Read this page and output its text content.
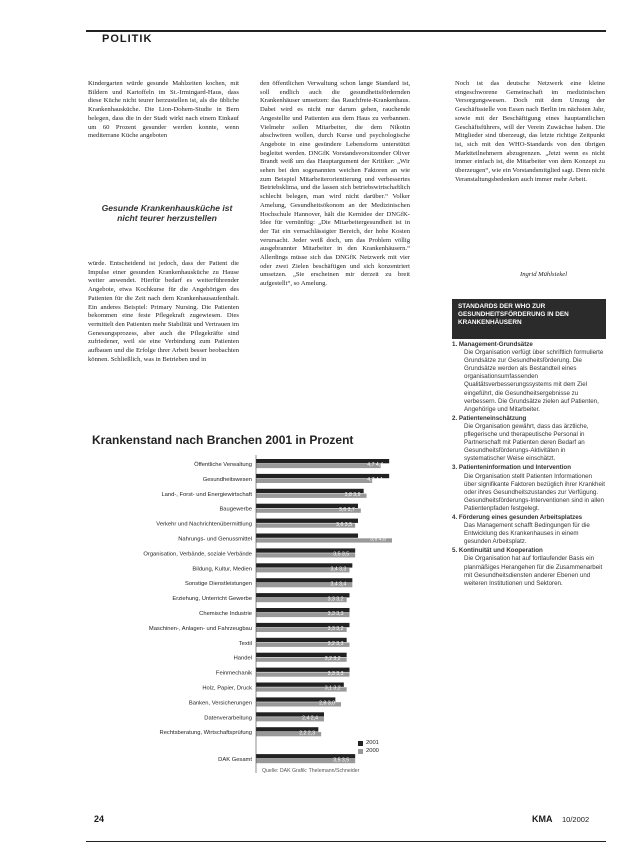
POLITIK

Kindergarten würde gesunde Mahlzeiten kochen, mit Bildern und Kartoffeln im St.-Irmingard-Haus, dass diese Küche nicht teurer herzustellen ist, als die übliche Krankenhausküche. Die Lion-Dohem-Studie in Bern belegen, dass die in der Stadt wirkt nach einem Einkauf um 60 Prozent gesunder werden konnte, wenn mediterrane Küche angeboten

Gesunde Krankenhausküche ist nicht teurer herzustellen

würde. Entscheidend ist jedoch, dass der Patient die Impulse einer gesunden Krankenhausküche zu Hause weiter anwendet. Hierfür bedarf es weiterführender Angebote, etwa Kochkurse für die Angehörigen des Patienten für die Zeit nach dem Krankenhausaufenthalt. Ein anderes Beispiel: Primary Nursing. Die Patienten bekommen eine feste Pflegekraft zugewiesen. Dies vermittelt den Patienten mehr Stabilität und Vertrauen im Genesungsprozess, aber auch die Pflegekräfte sind zufriedener, weil sie eine Verbindung zum Patienten aufbauen und die Erfolge ihrer Arbeit besser beobachten können. Schließlich, was in Betrieben und in

den öffentlichen Verwaltung schon lange Standard ist, soll endlich auch die gesundheitsfördernden Krankenhäuser umsetzen: das Rauchfreie-Krankenhaus. Dabei wird es nicht nur darum gehen, rauchende Angestellte und Patienten aus dem Haus zu verbannen. Vielmehr sollen Mitarbeiter, die dem Nikotin abschwören wollen, durch Kurse und psychologische Angebote in eine gesündere Lebensform unterstützt begleitet werden. DNGfK Vorstandsvorsitzender Oliver Brandt weiß um das Hauptargument der Kritiker: „Wir sehen bei den sogenannten weichen Faktoren an wie zum Beispiel Mitarbeiterorientierung und verbessertes Betriebsklima, und die lassen sich betriebswirtschaftlich schlecht belegen, man wird nicht darüber.“ Volker Amelung, Gesundheitsökonom an der Medizinischen Hochschule Hannover, hält die Kernidee der DNGfK-Idee für vernünftig: „Die Mitarbeitergesundheit ist in der Tat ein vernachlässigter Bereich, der hohe Kosten verursacht. Jeder weiß doch, um das Problem völlig ausgebrannter Mitarbeiter in den Krankenhäusern.“ Allerdings müsse sich das DNGfK Netzwerk mit vier oder zwei Zielen beschäftigen und sich konzentriert umsetzen. „Sie erscheinen mir derzeit zu breit aufgestellt“, so Amelung.

Noch ist das deutsche Netzwerk eine kleine eingeschworene Gemeinschaft im medizinischen Versorgungswesen. Doch mit dem Umzug der Geschäftsstelle von Essen nach Berlin im nächsten Jahr, sowie mit der Beschäftigung eines hauptamtlichen Geschäftsführers, will der Verein Zuwächse haben. Die Mitglieder sind überzeugt, das letzte richtige Zeitpunkt ist, sich mit den WHO-Standards von den übrigen Marktteilnehmern abzugrenzen. „Jetzt wenn es nicht immer einfach ist, die Mitarbeiter von dem Konzept zu überzeugen“, wie ein Vorstandsmitglied sagt. Denn nicht Veranstaltungsbedenken auch immer mehr Arbeit.

Ingrid Mühlsiekel
STANDARDS DER WHO ZUR GESUNDHEITSFÖRDERUNG IN DEN KRANKENHÄUSERN
1. Management-Grundsätze
Die Organisation verfügt über schriftlich formulierte Grundsätze zur Gesundheitsförderung. Die Grundsätze werden als Bestandteil eines organisationsumfassenden Qualitätsverbesserungssystems mit dem Ziel eingeführt, die Gesundheitsergebnisse zu verbessern. Die Grundsätze zielen auf Patienten, Angehörige und Mitarbeiter.
2. Patienteneinschätzung
Die Organisation gewährt, dass das ärztliche, pflegerische und therapeutische Personal in Partnerschaft mit Patienten deren Bedarf an Gesundheitsförderungs-Aktivitäten in systematischer Weise einschätzt.
3. Patienteninformation und Intervention
Die Organisation stellt Patienten Informationen über signifikante Faktoren bezüglich ihrer Krankheit oder ihres Gesundheitszustandes zur Verfügung. Gesundheitsförderungs-Interventionen sind in allen Patientenpfaden festgelegt.
4. Förderung eines gesunden Arbeitsplatzes
Das Management schafft Bedingungen für die Entwicklung des Krankenhauses in einem gesunden Arbeitsplatz.
5. Kontinuität und Kooperation
Die Organisation hat auf fortlaufender Basis ein planmäßiges Herangehen für die Zusammenarbeit mit Gesundheitsdiensten anderer Ebenen und weiteren Institutionen und Sektoren.
Krankenstand nach Branchen 2001 in Prozent
Öffentliche Verwaltung	4,7 4,4
Gesundheitswesen	4,7 4,1
Land-, Forst- und Energiewirtschaft	3,8 3,9
Baugewerbe	3,6 3,7
Verkehr und Nachrichtenübermittlung	3,6 3,5
Nahrungs- und Genussmittel	3,6 4,8
Organisation, Verbände, soziale Verbände	3,5 3,5
Bildung, Kultur, Medien	3,4 3,3
Sonstige Dienstleistungen	3,4 3,4
Erziehung, Unterricht Gewerbe	3,3 3,2
Chemische Industrie	3,3 3,3
Maschinen-, Anlagen- und Fahrzeugbau	3,3 3,2
Textil	3,2 3,3
Handel	3,2 3,2
Feinmechanik	3,3 3,3
Holz, Papier, Druck	3,1 3,2
Banken, Versicherungen	2,8 3,0
Datenverarbeitung	2,4 2,4
Rechtsberatung, Wirtschaftsprüfung	2,2 2,3
DAK Gesamt	3,5 3,5
2001
2000
Quelle: DAK Grafik: Thelemann/Schneider
24	KMA 10/2002
